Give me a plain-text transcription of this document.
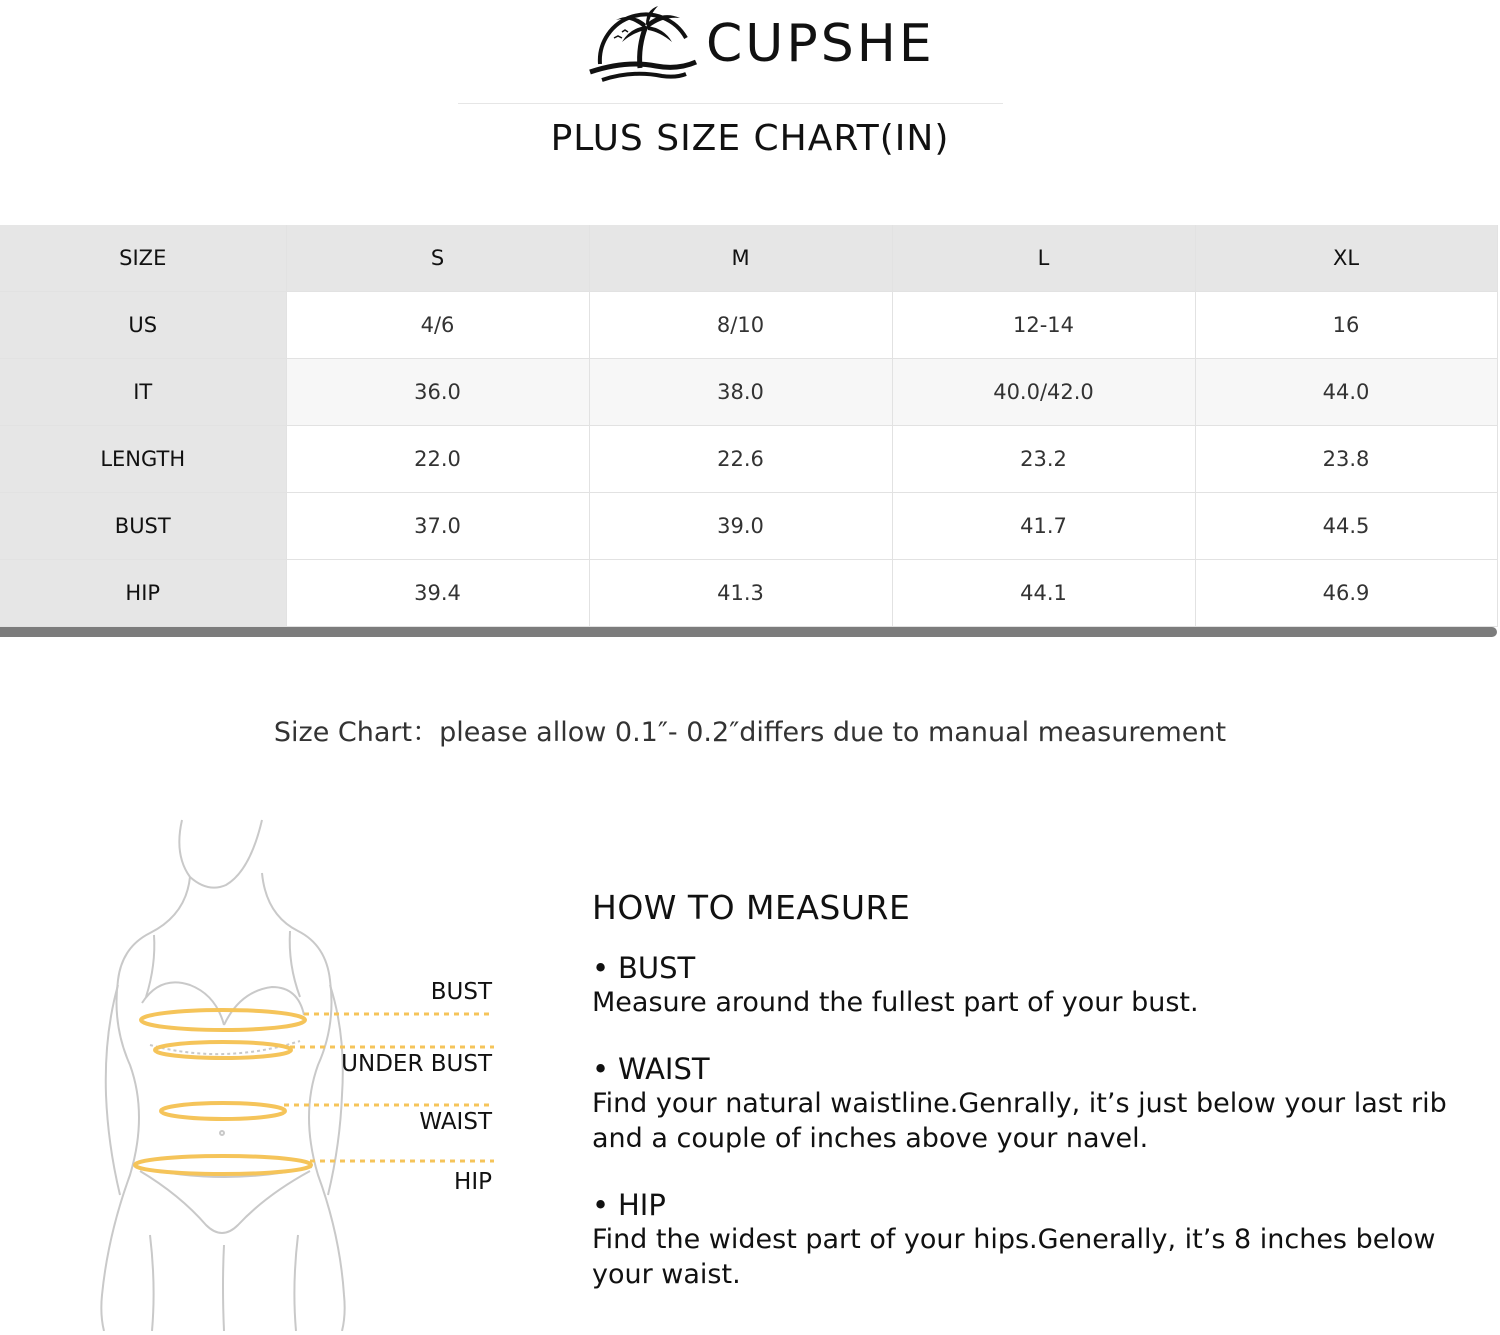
CUPSHE
PLUS SIZE CHART(IN)
SIZE	S	M	L	XL
US	4/6	8/10	12-14	16
IT	36.0	38.0	40.0/42.0	44.0
LENGTH	22.0	22.6	23.2	23.8
BUST	37.0	39.0	41.7	44.5
HIP	39.4	41.3	44.1	46.9
Size Chart：please allow 0.1″- 0.2″differs due to manual measurement
BUST
UNDER BUST
WAIST
HIP
HOW TO MEASURE
• BUST
Measure around the fullest part of your bust.
• WAIST
Find your natural waistline.Genrally, it’s just below your last rib and a couple of inches above your navel.
• HIP
Find the widest part of your hips.Generally, it’s 8 inches below your waist.
